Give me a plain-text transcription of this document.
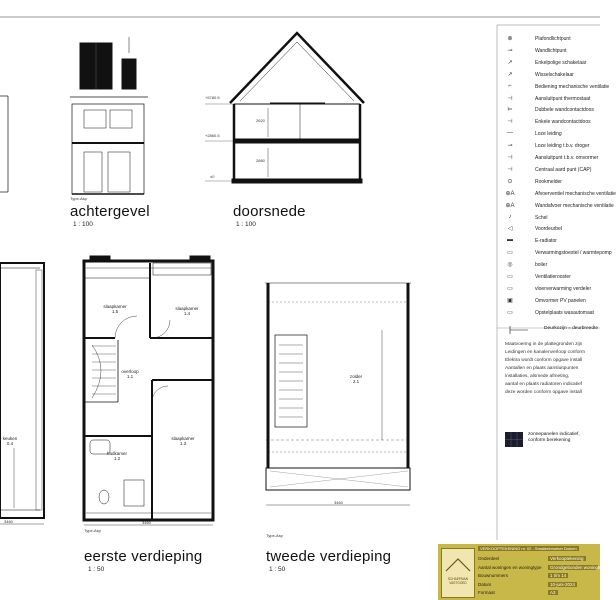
achtergevel
1 : 100
Type-Asp
doorsnede
1 : 100
+5780.5
+2860.5
±0
2620
2860
eerste verdieping
1 : 50
Type-Asp
3460
tweede verdieping
1 : 50
Type-Asp
3460
keuken
0.4
3460
slaapkamer
1.5
slaapkamer
1.4
overloop
1.1
slaapkamer
1.3
badkamer
1.2
zolder
2.1
⊗	Plafondlichtpunt
⊸	Wandlichtpunt
↗	Enkelpolige schakelaar
↗	Wisselschakelaar
⌐	Bediening mechanische ventilatie
⊣	Aansluitpunt thermostaat
⊨	Dubbele wandcontactdoos
⊣	Enkele wandcontactdoos
—	Loze leiding
⊸	Loze leiding t.b.v. droger
⊣	Aansluitpunt t.b.v. omvormer
⊣	Centraal aard punt (CAP)
⊙	Rookmelder
⊕A	Afvoerventiel mechanische ventilatie
⊕A	Wandafvoer mechanische ventilatie
♪	Schel
◁	Voordeurbel
▬	E-radiator
▭	Verwarmingstoestel / warmtepomp
◎	boiler
▭	Ventilatierooster
▭	vloerverwarming verdeler
▣	Omvormer PV panelen
▭	Opstelplaats wasautomaat
Deurkozijn = deurbreedte
Maatvoering in de plattegronden zijn
Leidingen en kanalenverloop conform
Elektra wordt conform opgave install
Aantallen en plaats aansluitpunten
installaties, alsmede afmeting,
aantal en plaats radiatoren indicatief
deze worden conform opgave install
zonnepanelen indicatief,
conform berekening
SCHAEPMAN VASTGOED
VERKOOPTEKENING nr. 02 - Smallenbroeker Duinen
Onderdeel	Verkooptekening
Aantal woningen en woningtype	Grondgebonden woningen
Bouwnummers	1 t/m 14
Datum	10-juni-2024
Formaat	A3
